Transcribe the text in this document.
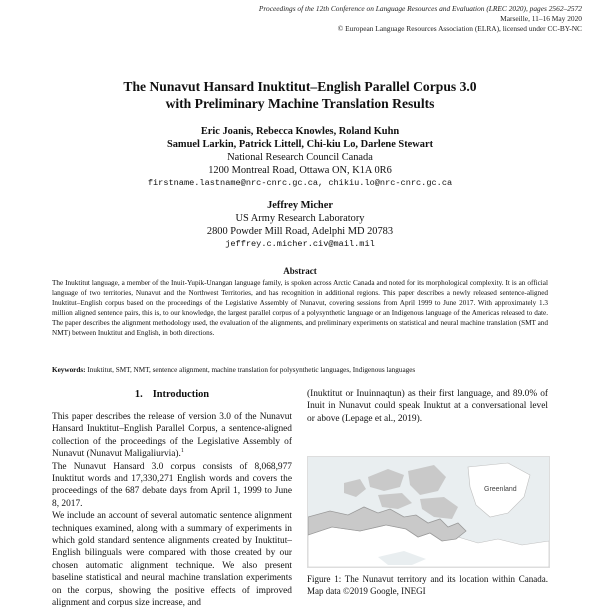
Proceedings of the 12th Conference on Language Resources and Evaluation (LREC 2020), pages 2562–2572
Marseille, 11–16 May 2020
© European Language Resources Association (ELRA), licensed under CC-BY-NC
The Nunavut Hansard Inuktitut–English Parallel Corpus 3.0
with Preliminary Machine Translation Results
Eric Joanis, Rebecca Knowles, Roland Kuhn
Samuel Larkin, Patrick Littell, Chi-kiu Lo, Darlene Stewart
National Research Council Canada
1200 Montreal Road, Ottawa ON, K1A 0R6
firstname.lastname@nrc-cnrc.gc.ca, chikiu.lo@nrc-cnrc.gc.ca
Jeffrey Micher
US Army Research Laboratory
2800 Powder Mill Road, Adelphi MD 20783
jeffrey.c.micher.civ@mail.mil
Abstract
The Inuktitut language, a member of the Inuit-Yupik-Unangan language family, is spoken across Arctic Canada and noted for its morphological complexity. It is an official language of two territories, Nunavut and the Northwest Territories, and has recognition in additional regions. This paper describes a newly released sentence-aligned Inuktitut–English corpus based on the proceedings of the Legislative Assembly of Nunavut, covering sessions from April 1999 to June 2017. With approximately 1.3 million aligned sentence pairs, this is, to our knowledge, the largest parallel corpus of a polysynthetic language or an Indigenous language of the Americas released to date. The paper describes the alignment methodology used, the evaluation of the alignments, and preliminary experiments on statistical and neural machine translation (SMT and NMT) between Inuktitut and English, in both directions.
Keywords: Inuktitut, SMT, NMT, sentence alignment, machine translation for polysynthetic languages, Indigenous languages
1. Introduction

This paper describes the release of version 3.0 of the Nunavut Hansard Inuktitut–English Parallel Corpus, a sentence-aligned collection of the proceedings of the Legislative Assembly of Nunavut (Nunavut Maligaliurvia).$^1$

The Nunavut Hansard 3.0 corpus consists of 8,068,977 Inuktitut words and 17,330,271 English words and covers the proceedings of the 687 debate days from April 1, 1999 to June 8, 2017.

We include an account of several automatic sentence alignment techniques examined, along with a summary of experiments in which gold standard sentence alignments created by Inuktitut–English bilinguals were compared with those created by our chosen automatic alignment technique. We also present baseline statistical and neural machine translation experiments on the corpus, showing the positive effects of improved alignment and corpus size increase, and

(Inuktitut or Inuinnaqtun) as their first language, and 89.0% of Inuit in Nunavut could speak Inuktut at a conversational level or above (Lepage et al., 2019).

Greenland
Figure 1: The Nunavut territory and its location within Canada. Map data ©2019 Google, INEGI
